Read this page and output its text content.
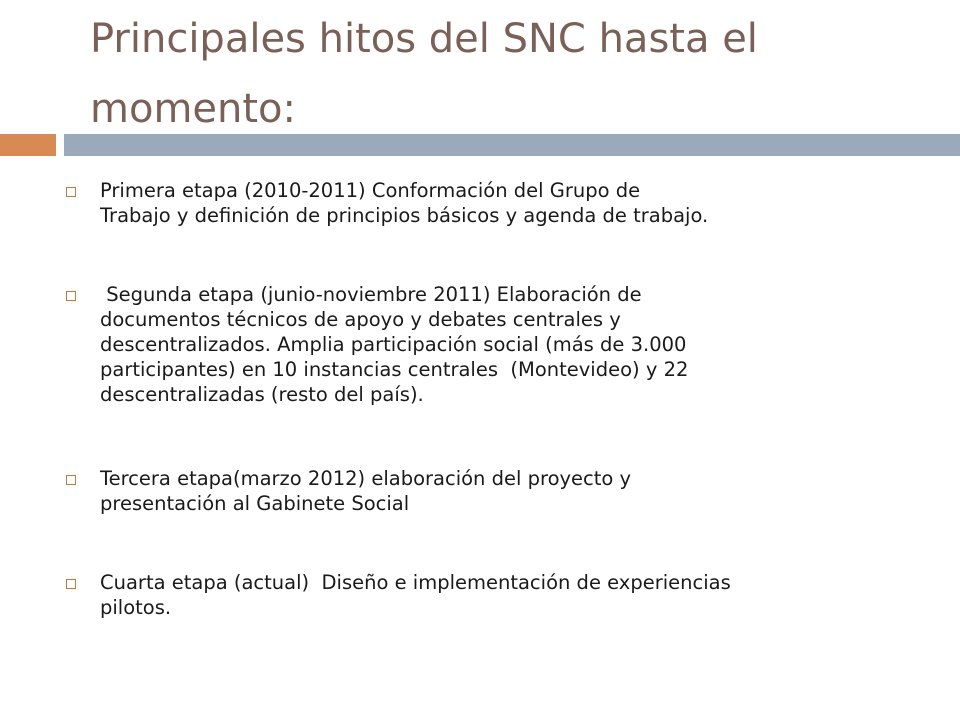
Principales hitos del SNC hasta el momento:

Primera etapa (2010-2011) Conformación del Grupo de
Trabajo y definición de principios básicos y agenda de trabajo.

Segunda etapa (junio-noviembre 2011) Elaboración de
documentos técnicos de apoyo y debates centrales y
descentralizados. Amplia participación social (más de 3.000
participantes) en 10 instancias centrales  (Montevideo) y 22
descentralizadas (resto del país).

Tercera etapa(marzo 2012) elaboración del proyecto y
presentación al Gabinete Social

Cuarta etapa (actual)  Diseño e implementación de experiencias
pilotos.
